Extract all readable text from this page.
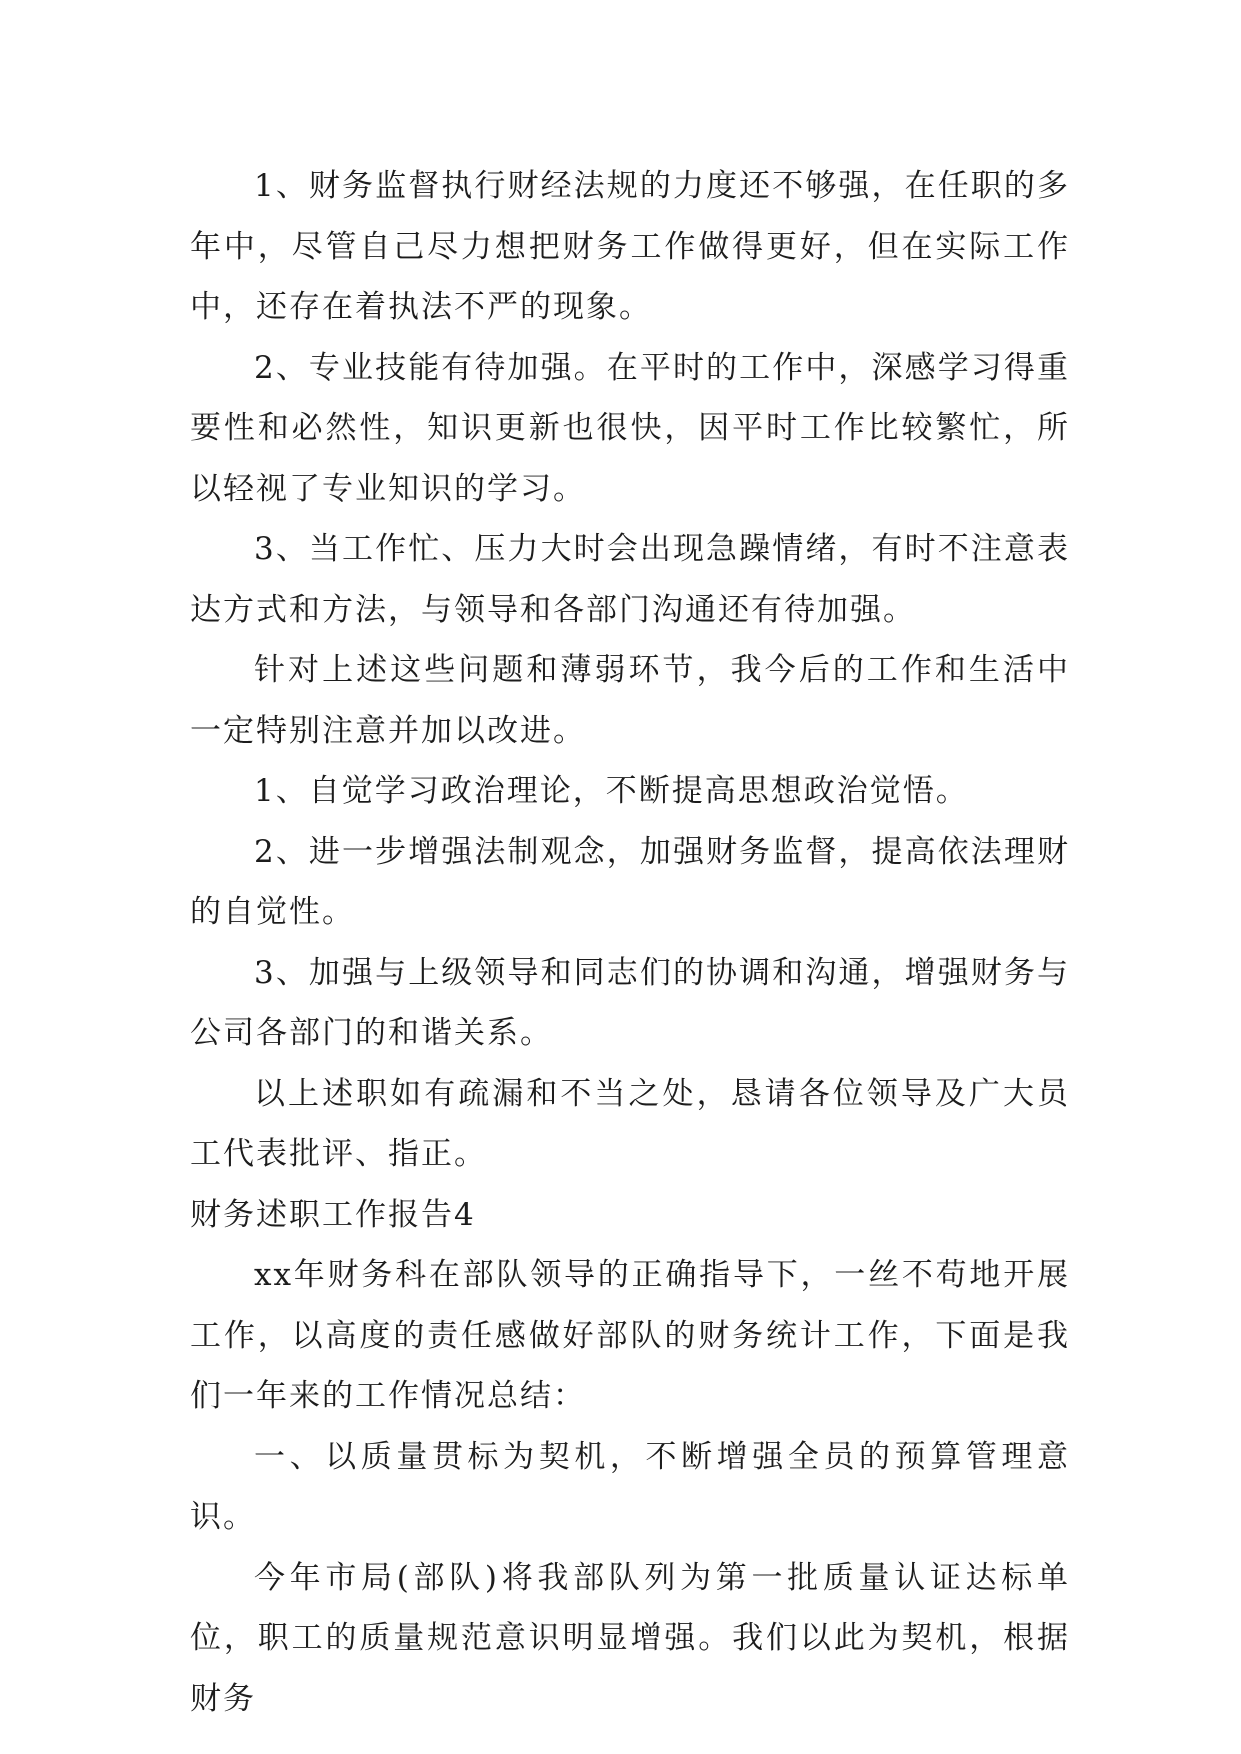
1、财务监督执行财经法规的力度还不够强，在任职的多年中，尽管自己尽力想把财务工作做得更好，但在实际工作中，还存在着执法不严的现象。

2、专业技能有待加强。在平时的工作中，深感学习得重要性和必然性，知识更新也很快，因平时工作比较繁忙，所以轻视了专业知识的学习。

3、当工作忙、压力大时会出现急躁情绪，有时不注意表达方式和方法，与领导和各部门沟通还有待加强。

针对上述这些问题和薄弱环节，我今后的工作和生活中一定特别注意并加以改进。

1、自觉学习政治理论，不断提高思想政治觉悟。

2、进一步增强法制观念，加强财务监督，提高依法理财的自觉性。

3、加强与上级领导和同志们的协调和沟通，增强财务与公司各部门的和谐关系。

以上述职如有疏漏和不当之处，恳请各位领导及广大员工代表批评、指正。

财务述职工作报告4

xx年财务科在部队领导的正确指导下，一丝不苟地开展工作，以高度的责任感做好部队的财务统计工作，下面是我们一年来的工作情况总结：

一、以质量贯标为契机，不断增强全员的预算管理意识。

今年市局(部队)将我部队列为第一批质量认证达标单位，职工的质量规范意识明显增强。我们以此为契机，根据财务
